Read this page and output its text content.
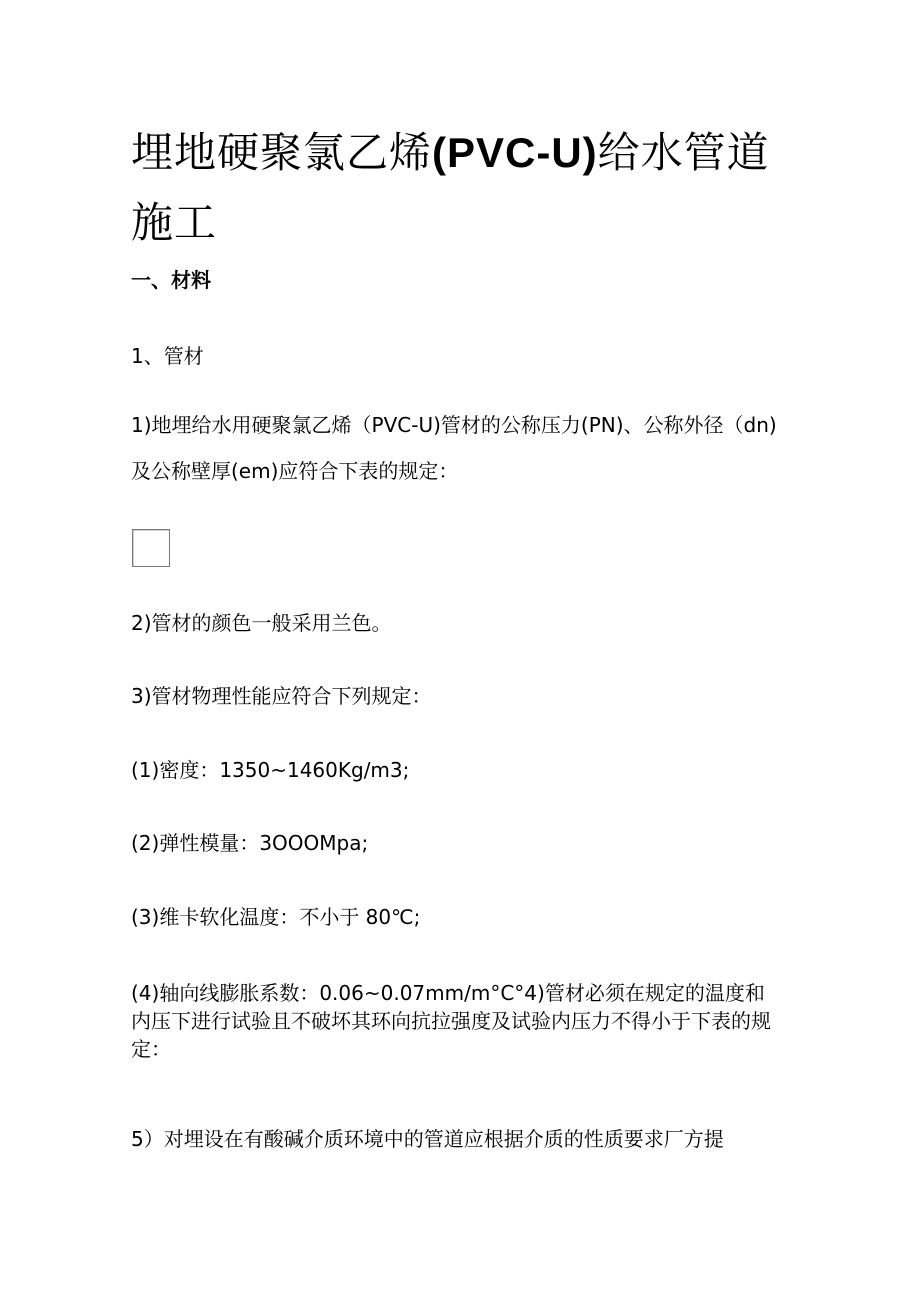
埋地硬聚氯乙烯(PVC-U)给水管道施工
一、材料

1、管材

1)地埋给水用硬聚氯乙烯（PVC-U)管材的公称压力(PN)、公称外径（dn)及公称壁厚(em)应符合下表的规定：

2)管材的颜色一般采用兰色。

3)管材物理性能应符合下列规定：

(1)密度：1350~1460Kg/m3;

(2)弹性模量：3OOOMpa;

(3)维卡软化温度：不小于 80℃;

(4)轴向线膨胀系数：0.06~0.07mm/m°C°4)管材必须在规定的温度和内压下进行试验且不破坏其环向抗拉强度及试验内压力不得小于下表的规定：

5）对埋设在有酸碱介质环境中的管道应根据介质的性质要求厂方提
